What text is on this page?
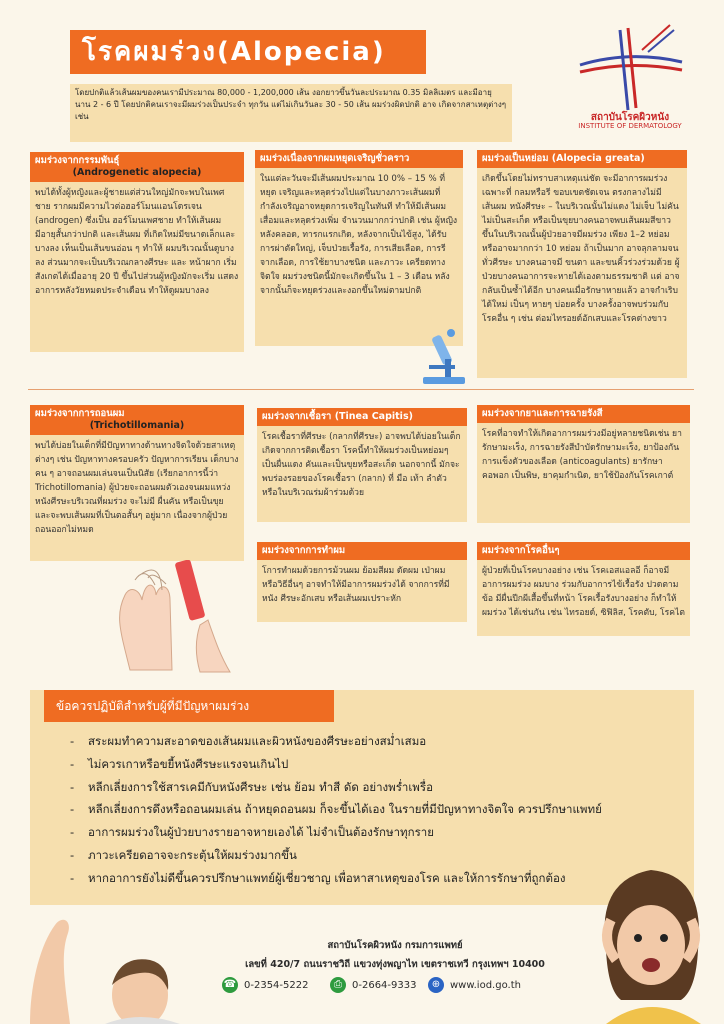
โรคผมร่วง(Alopecia)
โดยปกติแล้วเส้นผมของคนเรามีประมาณ 80,000 - 1,200,000 เส้น งอกยาวขึ้นวันละประมาณ 0.35 มิลลิเมตร และมีอายุนาน 2 - 6 ปี โดยปกติคนเราจะมีผมร่วงเป็นประจำ ทุกวัน แต่ไม่เกินวันละ 30 - 50 เส้น ผมร่วงผิดปกติ อาจ เกิดจากสาเหตุต่างๆ เช่น	สถาบันโรคผิวหนัง
INSTITUTE OF DERMATOLOGY
ผมร่วงจากกรรมพันธุ์
(Androgenetic alopecia)
พบได้ทั้งผู้หญิงและผู้ชายแต่ส่วนใหญ่มักจะพบในเพศชาย รากผมมีความไวต่อฮอร์โมนแอนโดรเจน (androgen) ซึ่งเป็น ฮอร์โมนเพศชาย ทำให้เส้นผมมีอายุสั้นกว่าปกติ และเส้นผม ที่เกิดใหม่มีขนาดเล็กและบางลง เห็นเป็นเส้นขนอ่อน ๆ ทำให้ ผมบริเวณนั้นดูบางลง ส่วนมากจะเป็นบริเวณกลางศีรษะ และ หน้าผาก เริ่มสังเกตได้เมื่ออายุ 20 ปี ขึ้นไปส่วนผู้หญิงมักจะเริ่ม แสดงอาการหลังวัยหมดประจำเดือน ทำให้ดูผมบางลง
ผมร่วงเนื่องจากผมหยุดเจริญชั่วคราว
ในแต่ละวันจะมีเส้นผมประมาณ 10 0% – 15 % ที่หยุด เจริญและหลุดร่วงไปแต่ในบางภาวะเส้นผมที่กำลังเจริญอาจหยุดการเจริญในทันที ทำให้มีเส้นผมเสื่อมและหลุดร่วงเพิ่ม จำนวนมากกว่าปกติ เช่น ผู้หญิงหลังคลอด, ทารกแรกเกิด, หลังจากเป็นไข้สูง, ได้รับการผ่าตัดใหญ่, เจ็บป่วยเรื้อรัง, การเสียเลือด, การรีจากเลือด, การใช้ยาบางชนิด และภาวะ เครียดทางจิตใจ ผมร่วงชนิดนี้มักจะเกิดขึ้นใน 1 – 3 เดือน หลังจากนั้นก็จะหยุดร่วงและงอกขึ้นใหม่ตามปกติ
ผมร่วงเป็นหย่อม (Alopecia greata)
เกิดขึ้นโดยไม่ทราบสาเหตุแน่ชัด จะมีอาการผมร่วงเฉพาะที่ กลมหรือรี ขอบเขตชัดเจน ตรงกลางไม่มีเส้นผม หนังศีรษะ – ในบริเวณนั้นไม่แดง ไม่เจ็บ ไม่คัน ไม่เป็นสะเก็ด หรือเป็นขุยบางคนอาจพบเส้นผมสีขาวขึ้นในบริเวณนั้นผู้ป่วยอาจมีผมร่วง เพียง 1–2 หย่อม หรืออาจมากกว่า 10 หย่อม ถ้าเป็นมาก อาจลุกลามจนทั่วศีรษะ บางคนอาจมี ขนตา และขนคิ้วร่วงร่วมด้วย ผู้ป่วยบางคนอาการจะหายได้เองตามธรรมชาติ แต่ อาจกลับเป็นซ้ำได้อีก บางคนเมื่อรักษาหายแล้ว อาจกำเริบได้ใหม่ เป็นๆ หายๆ บ่อยครั้ง บางครั้งอาจพบร่วมกับโรคอื่น ๆ เช่น ต่อมไทรอยด์อักเสบและโรคด่างขาว
ผมร่วงจากการถอนผม
(Trichotillomania)
พบได้บ่อยในเด็กที่มีปัญหาทางด้านทางจิตใจด้วยสาเหตุ ต่างๆ เช่น ปัญหาทางครอบครัว ปัญหาการเรียน เด็กบางคน ๆ อาจถอนผมเล่นจนเป็นนิสัย (เรียกอาการนี้ว่า Trichotillomania) ผู้ป่วยจะถอนผมตัวเองจนผมแหว่ง หนังศีรษะบริเวณที่ผมร่วง จะไม่มี ผื่นคัน หรือเป็นขุย และจะพบเส้นผมที่เป็นตอสั้นๆ อยู่มาก เนื่องจากผู้ป่วยถอนออกไม่หมด
ผมร่วงจากเชื้อรา (Tinea Capitis)
โรคเชื้อราที่ศีรษะ (กลากที่ศีรษะ) อาจพบได้บ่อยในเด็ก เกิดจากการติดเชื้อรา โรคนี้ทำให้ผมร่วงเป็นหย่อมๆ เป็นผื่นแดง คันและเป็นขุยหรือสะเก็ด นอกจากนี้ มักจะพบร่องรอยของโรคเชื้อรา (กลาก) ที่ มือ เท้า ลำตัวหรือในบริเวณร่มผ้าร่วมด้วย
ผมร่วงจากยาและการฉายรังสี
โรคที่อาจทำให้เกิดอาการผมร่วงมีอยู่หลายชนิดเช่น ยา รักษามะเร็ง, การฉายรังสีบำบัดรักษามะเร็ง, ยาป้องกัน การแข็งตัวของเลือด (anticoagulants) ยารักษาคอพอก เป็นพิษ, ยาคุมกำเนิด, ยาใช้ป้องกันโรคเกาต์
ผมร่วงจากการทำผม
โการทำผมด้วยการม้วนผม ย้อมสีผม ดัดผม เป่าผม หรือวิธีอื่นๆ อาจทำให้มีอาการผมร่วงได้ จากการที่มีหนัง ศีรษะอักเสบ หรือเส้นผมเปราะหัก
ผมร่วงจากโรคอื่นๆ
ผู้ป่วยที่เป็นโรคบางอย่าง เช่น โรคเอสแอลอี ก็อาจมี อาการผมร่วง ผมบาง ร่วมกับอาการไข้เรื้อรัง ปวดตามข้อ มีผื่นปีกผีเสื้อขึ้นที่หน้า โรคเรื้อรังบางอย่าง ก็ทำให้ผมร่วง ได้เช่นกัน เช่น ไทรอยด์, ซิฟิลิส, โรคตับ, โรคไต
ข้อควรปฏิบัติสำหรับผู้ที่มีปัญหาผมร่วง
- สระผมทำความสะอาดของเส้นผมและผิวหนังของศีรษะอย่างสม่ำเสมอ
- ไม่ควรเกาหรือขยี้หนังศีรษะแรงจนเกินไป
- หลีกเลี่ยงการใช้สารเคมีกับหนังศีรษะ เช่น ย้อม ทำสี ดัด อย่างพร่ำเพรื่อ
- หลีกเลี่ยงการดึงหรือถอนผมเล่น ถ้าหยุดถอนผม ก็จะขึ้นได้เอง ในรายที่มีปัญหาทางจิตใจ ควรปรึกษาแพทย์
- อาการผมร่วงในผู้ป่วยบางรายอาจหายเองได้ ไม่จำเป็นต้องรักษาทุกราย
- ภาวะเครียดอาจจะกระตุ้นให้ผมร่วงมากขึ้น
- หากอาการยังไม่ดีขึ้นควรปรึกษาแพทย์ผู้เชี่ยวชาญ เพื่อหาสาเหตุของโรค และให้การรักษาที่ถูกต้อง
สถาบันโรคผิวหนัง กรมการแพทย์
เลขที่ 420/7 ถนนราชวิถี แขวงทุ่งพญาไท เขตราชเทวี กรุงเทพฯ 10400
☎ 0-2354-5222	⎙	0-2664-9333	⊕ www.iod.go.th
